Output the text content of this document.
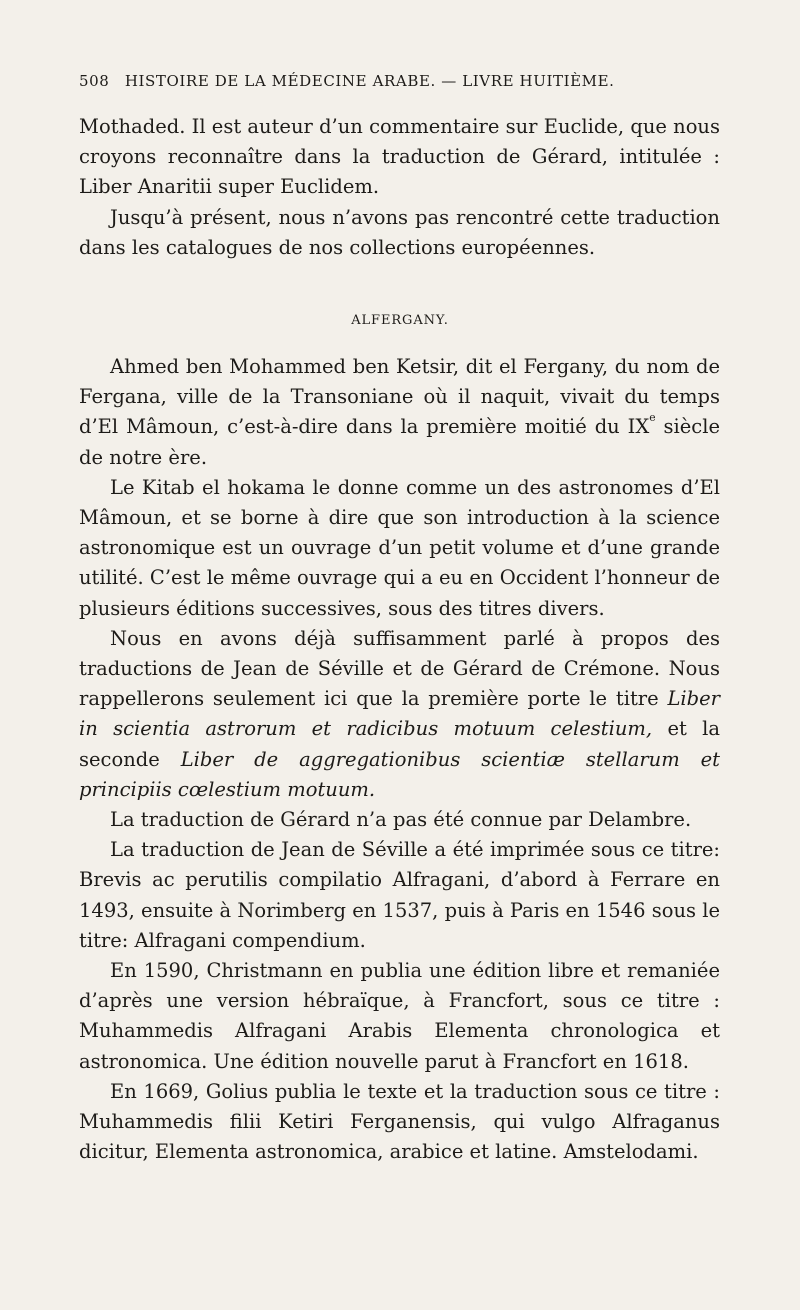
508 HISTOIRE DE LA MÉDECINE ARABE. — LIVRE HUITIÈME.

Mothaded. Il est auteur d’un commentaire sur Euclide, que nous croyons reconnaître dans la traduction de Gérard, intitulée : Liber Anaritii super Euclidem.

Jusqu’à présent, nous n’avons pas rencontré cette traduction dans les catalogues de nos collections européennes.

ALFERGANY.

Ahmed ben Mohammed ben Ketsir, dit el Fergany, du nom de Fergana, ville de la Transoniane où il naquit, vivait du temps d’El Mâmoun, c’est-à-dire dans la première moitié du IXe siècle de notre ère.

Le Kitab el hokama le donne comme un des astronomes d’El Mâmoun, et se borne à dire que son introduction à la science astronomique est un ouvrage d’un petit volume et d’une grande utilité. C’est le même ouvrage qui a eu en Occident l’honneur de plusieurs éditions successives, sous des titres divers.

Nous en avons déjà suffisamment parlé à propos des traductions de Jean de Séville et de Gérard de Crémone. Nous rappellerons seulement ici que la première porte le titre Liber in scientia astrorum et radicibus motuum celestium, et la seconde Liber de aggregationibus scientiæ stellarum et principiis cœlestium motuum.

La traduction de Gérard n’a pas été connue par Delambre.

La traduction de Jean de Séville a été imprimée sous ce titre: Brevis ac perutilis compilatio Alfragani, d’abord à Ferrare en 1493, ensuite à Norimberg en 1537, puis à Paris en 1546 sous le titre: Alfragani compendium.

En 1590, Christmann en publia une édition libre et remaniée d’après une version hébraïque, à Francfort, sous ce titre : Muhammedis Alfragani Arabis Elementa chronologica et astronomica. Une édition nouvelle parut à Francfort en 1618.

En 1669, Golius publia le texte et la traduction sous ce titre : Muhammedis filii Ketiri Ferganensis, qui vulgo Alfraganus dicitur, Elementa astronomica, arabice et latine. Amstelodami.
